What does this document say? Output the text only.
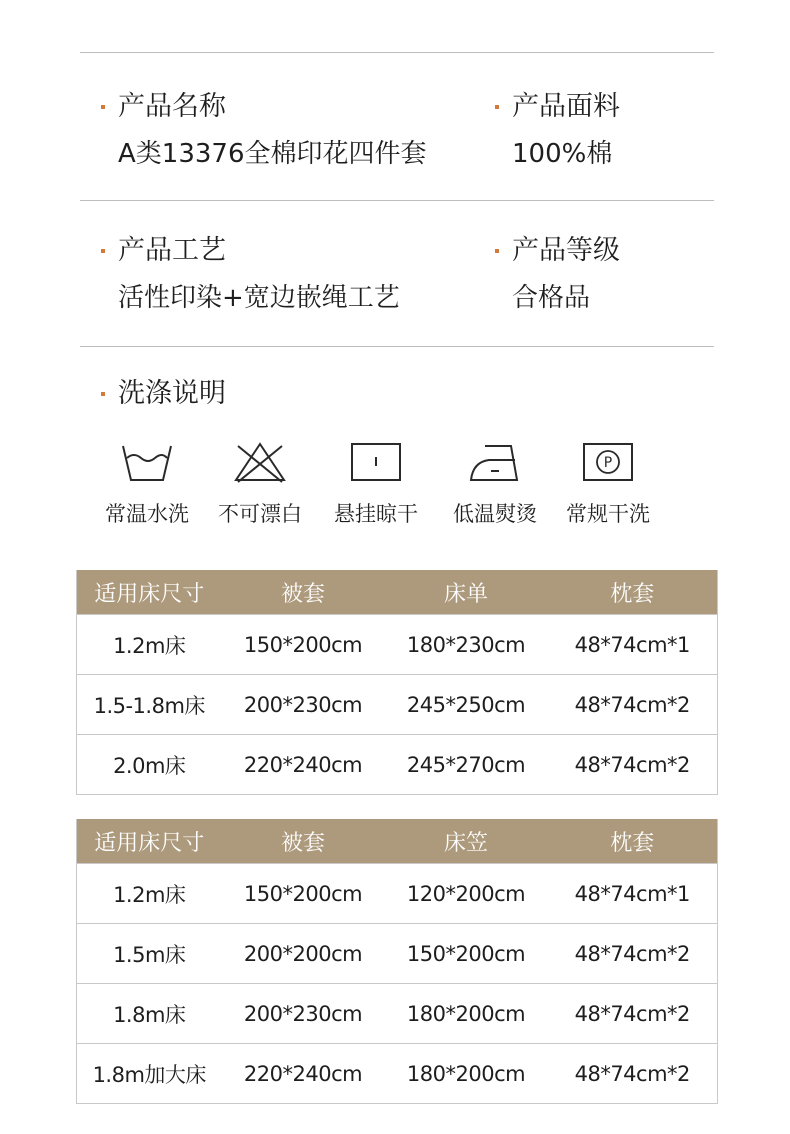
产品名称
A类13376全棉印花四件套
产品面料
100%棉
产品工艺
活性印染+宽边嵌绳工艺
产品等级
合格品
洗涤说明
常温水洗	不可漂白	悬挂晾干	低温熨烫
P
常规干洗
适用床尺寸	被套	床单	枕套
1.2m床	150*200cm	180*230cm	48*74cm*1
1.5-1.8m床	200*230cm	245*250cm	48*74cm*2
2.0m床	220*240cm	245*270cm	48*74cm*2
适用床尺寸	被套	床笠	枕套
1.2m床	150*200cm	120*200cm	48*74cm*1
1.5m床	200*200cm	150*200cm	48*74cm*2
1.8m床	200*230cm	180*200cm	48*74cm*2
1.8m加大床	220*240cm	180*200cm	48*74cm*2
